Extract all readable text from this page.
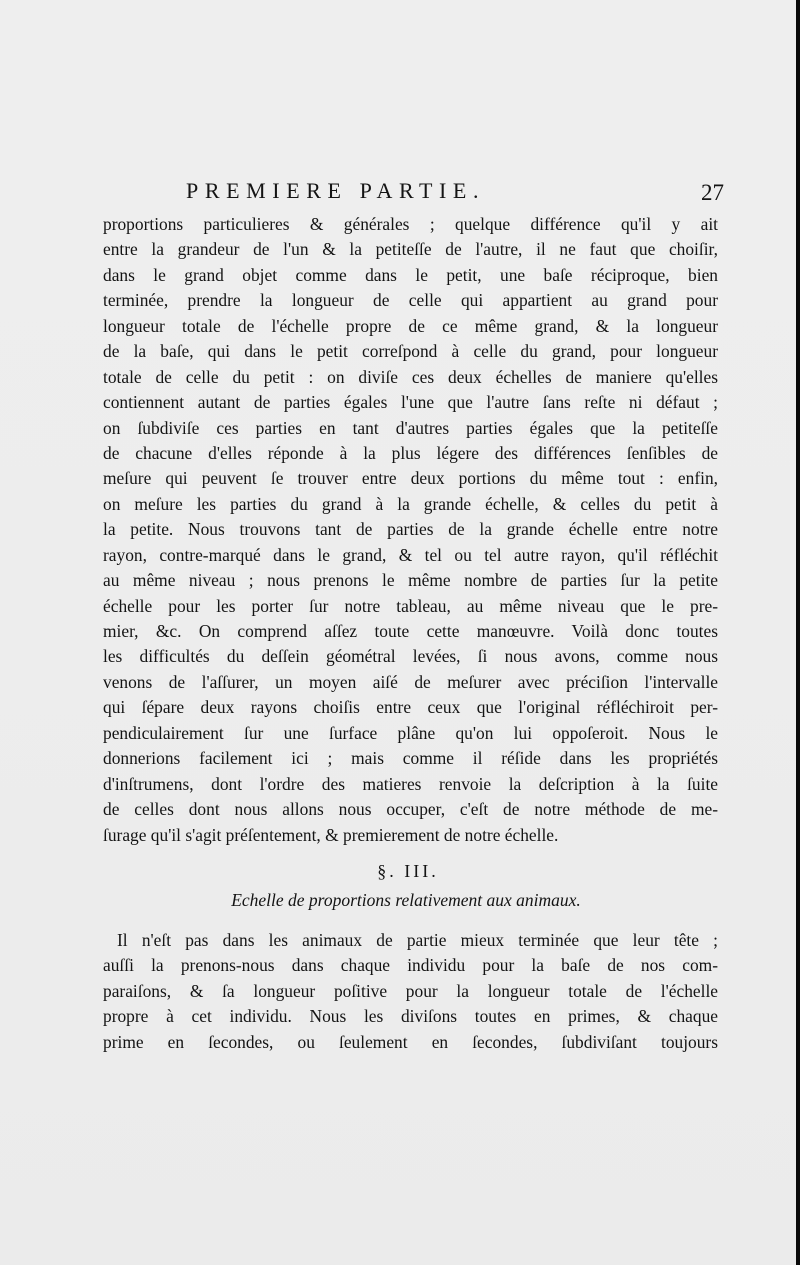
PREMIERE PARTIE.	27
proportions particulieres & générales ; quelque différence qu'il y ait
entre la grandeur de l'un & la petiteſſe de l'autre, il ne faut que choiſir,
dans le grand objet comme dans le petit, une baſe réciproque, bien
terminée, prendre la longueur de celle qui appartient au grand pour
longueur totale de l'échelle propre de ce même grand, & la longueur
de la baſe, qui dans le petit correſpond à celle du grand, pour longueur
totale de celle du petit : on diviſe ces deux échelles de maniere qu'elles
contiennent autant de parties égales l'une que l'autre ſans reſte ni défaut ;
on ſubdiviſe ces parties en tant d'autres parties égales que la petiteſſe
de chacune d'elles réponde à la plus légere des différences ſenſibles de
meſure qui peuvent ſe trouver entre deux portions du même tout : enfin,
on meſure les parties du grand à la grande échelle, & celles du petit à
la petite. Nous trouvons tant de parties de la grande échelle entre notre
rayon, contre-marqué dans le grand, & tel ou tel autre rayon, qu'il réfléchit
au même niveau ; nous prenons le même nombre de parties ſur la petite
échelle pour les porter ſur notre tableau, au même niveau que le pre-
mier, &c. On comprend aſſez toute cette manœuvre. Voilà donc toutes
les difficultés du deſſein géométral levées, ſi nous avons, comme nous
venons de l'aſſurer, un moyen aiſé de meſurer avec préciſion l'intervalle
qui ſépare deux rayons choiſis entre ceux que l'original réfléchiroit per-
pendiculairement ſur une ſurface plâne qu'on lui oppoſeroit. Nous le
donnerions facilement ici ; mais comme il réſide dans les propriétés
d'inſtrumens, dont l'ordre des matieres renvoie la deſcription à la ſuite
de celles dont nous allons nous occuper, c'eſt de notre méthode de me-
ſurage qu'il s'agit préſentement, & premierement de notre échelle.
§. III.
Echelle de proportions relativement aux animaux.
Il n'eſt pas dans les animaux de partie mieux terminée que leur tête ;
auſſi la prenons-nous dans chaque individu pour la baſe de nos com-
paraiſons, & ſa longueur poſitive pour la longueur totale de l'échelle
propre à cet individu. Nous les diviſons toutes en primes, & chaque
prime en ſecondes, ou ſeulement en ſecondes, ſubdiviſant toujours
